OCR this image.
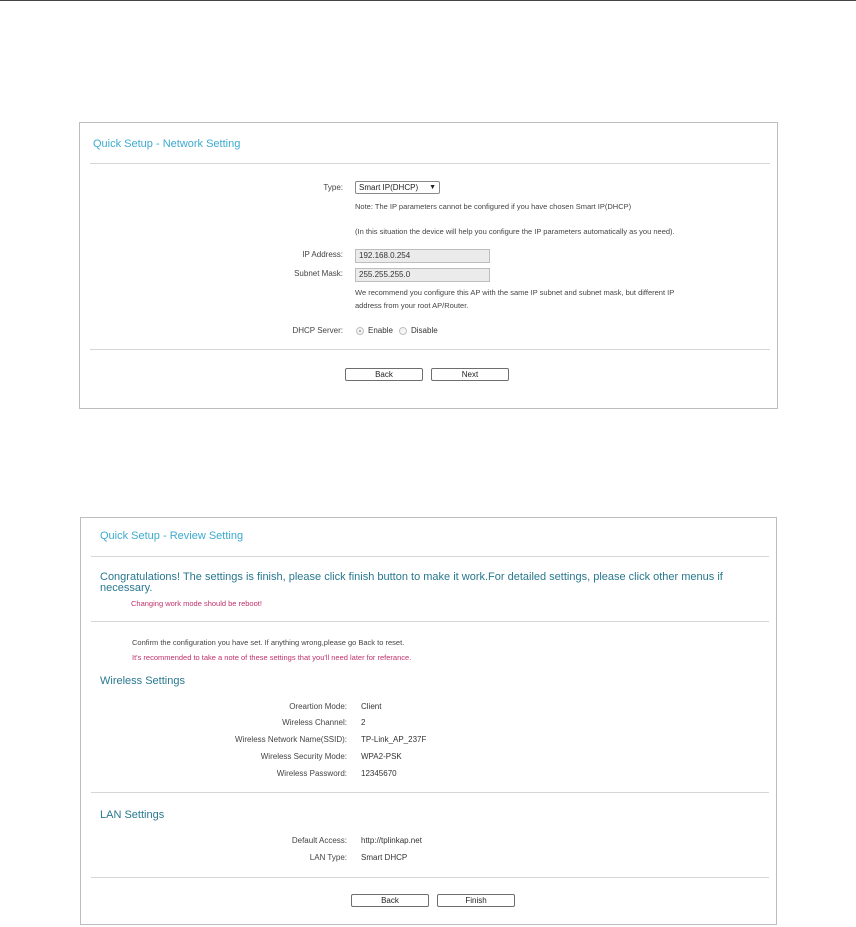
Quick Setup - Network Setting
Type:	Smart IP(DHCP) ▼
Note: The IP parameters cannot be configured if you have chosen Smart IP(DHCP)
(In this situation the device will help you configure the IP parameters automatically as you need).
IP Address:	192.168.0.254
Subnet Mask:	255.255.255.0
We recommend you configure this AP with the same IP subnet and subnet mask, but different IP
address from your root AP/Router.
DHCP Server:	Enable Disable
Back	Next
Quick Setup - Review Setting
Congratulations! The settings is finish, please click finish button to make it work.For detailed settings, please click other menus if necessary.
Changing work mode should be reboot!
Confirm the configuration you have set. If anything wrong,please go Back to reset.
It's recommended to take a note of these settings that you'll need later for referance.
Wireless Settings
Oreartion Mode: Client
Wireless Channel: 2
Wireless Network Name(SSID): TP-Link_AP_237F
Wireless Security Mode: WPA2-PSK
Wireless Password: 12345670
LAN Settings
Default Access: http://tplinkap.net
LAN Type: Smart DHCP
Back	Finish
